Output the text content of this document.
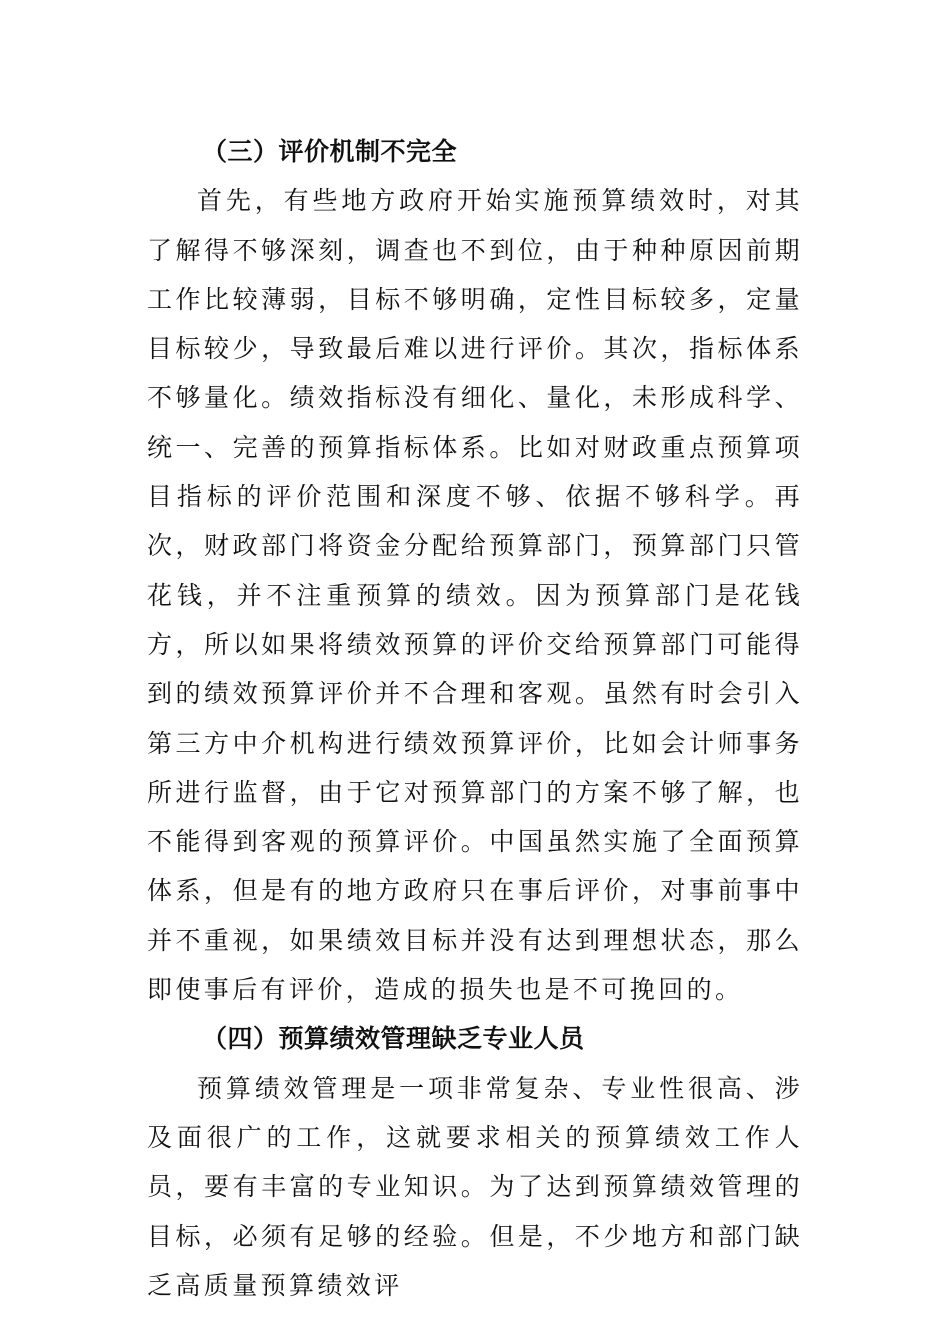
（三）评价机制不完全

首先，有些地方政府开始实施预算绩效时，对其了解得不够深刻，调查也不到位，由于种种原因前期工作比较薄弱，目标不够明确，定性目标较多，定量目标较少，导致最后难以进行评价。其次，指标体系不够量化。绩效指标没有细化、量化，未形成科学、统一、完善的预算指标体系。比如对财政重点预算项目指标的评价范围和深度不够、依据不够科学。再次，财政部门将资金分配给预算部门，预算部门只管花钱，并不注重预算的绩效。因为预算部门是花钱方，所以如果将绩效预算的评价交给预算部门可能得到的绩效预算评价并不合理和客观。虽然有时会引入第三方中介机构进行绩效预算评价，比如会计师事务所进行监督，由于它对预算部门的方案不够了解，也不能得到客观的预算评价。中国虽然实施了全面预算体系，但是有的地方政府只在事后评价，对事前事中并不重视，如果绩效目标并没有达到理想状态，那么即使事后有评价，造成的损失也是不可挽回的。

（四）预算绩效管理缺乏专业人员

预算绩效管理是一项非常复杂、专业性很高、涉及面很广的工作，这就要求相关的预算绩效工作人员，要有丰富的专业知识。为了达到预算绩效管理的目标，必须有足够的经验。但是，不少地方和部门缺乏高质量预算绩效评
